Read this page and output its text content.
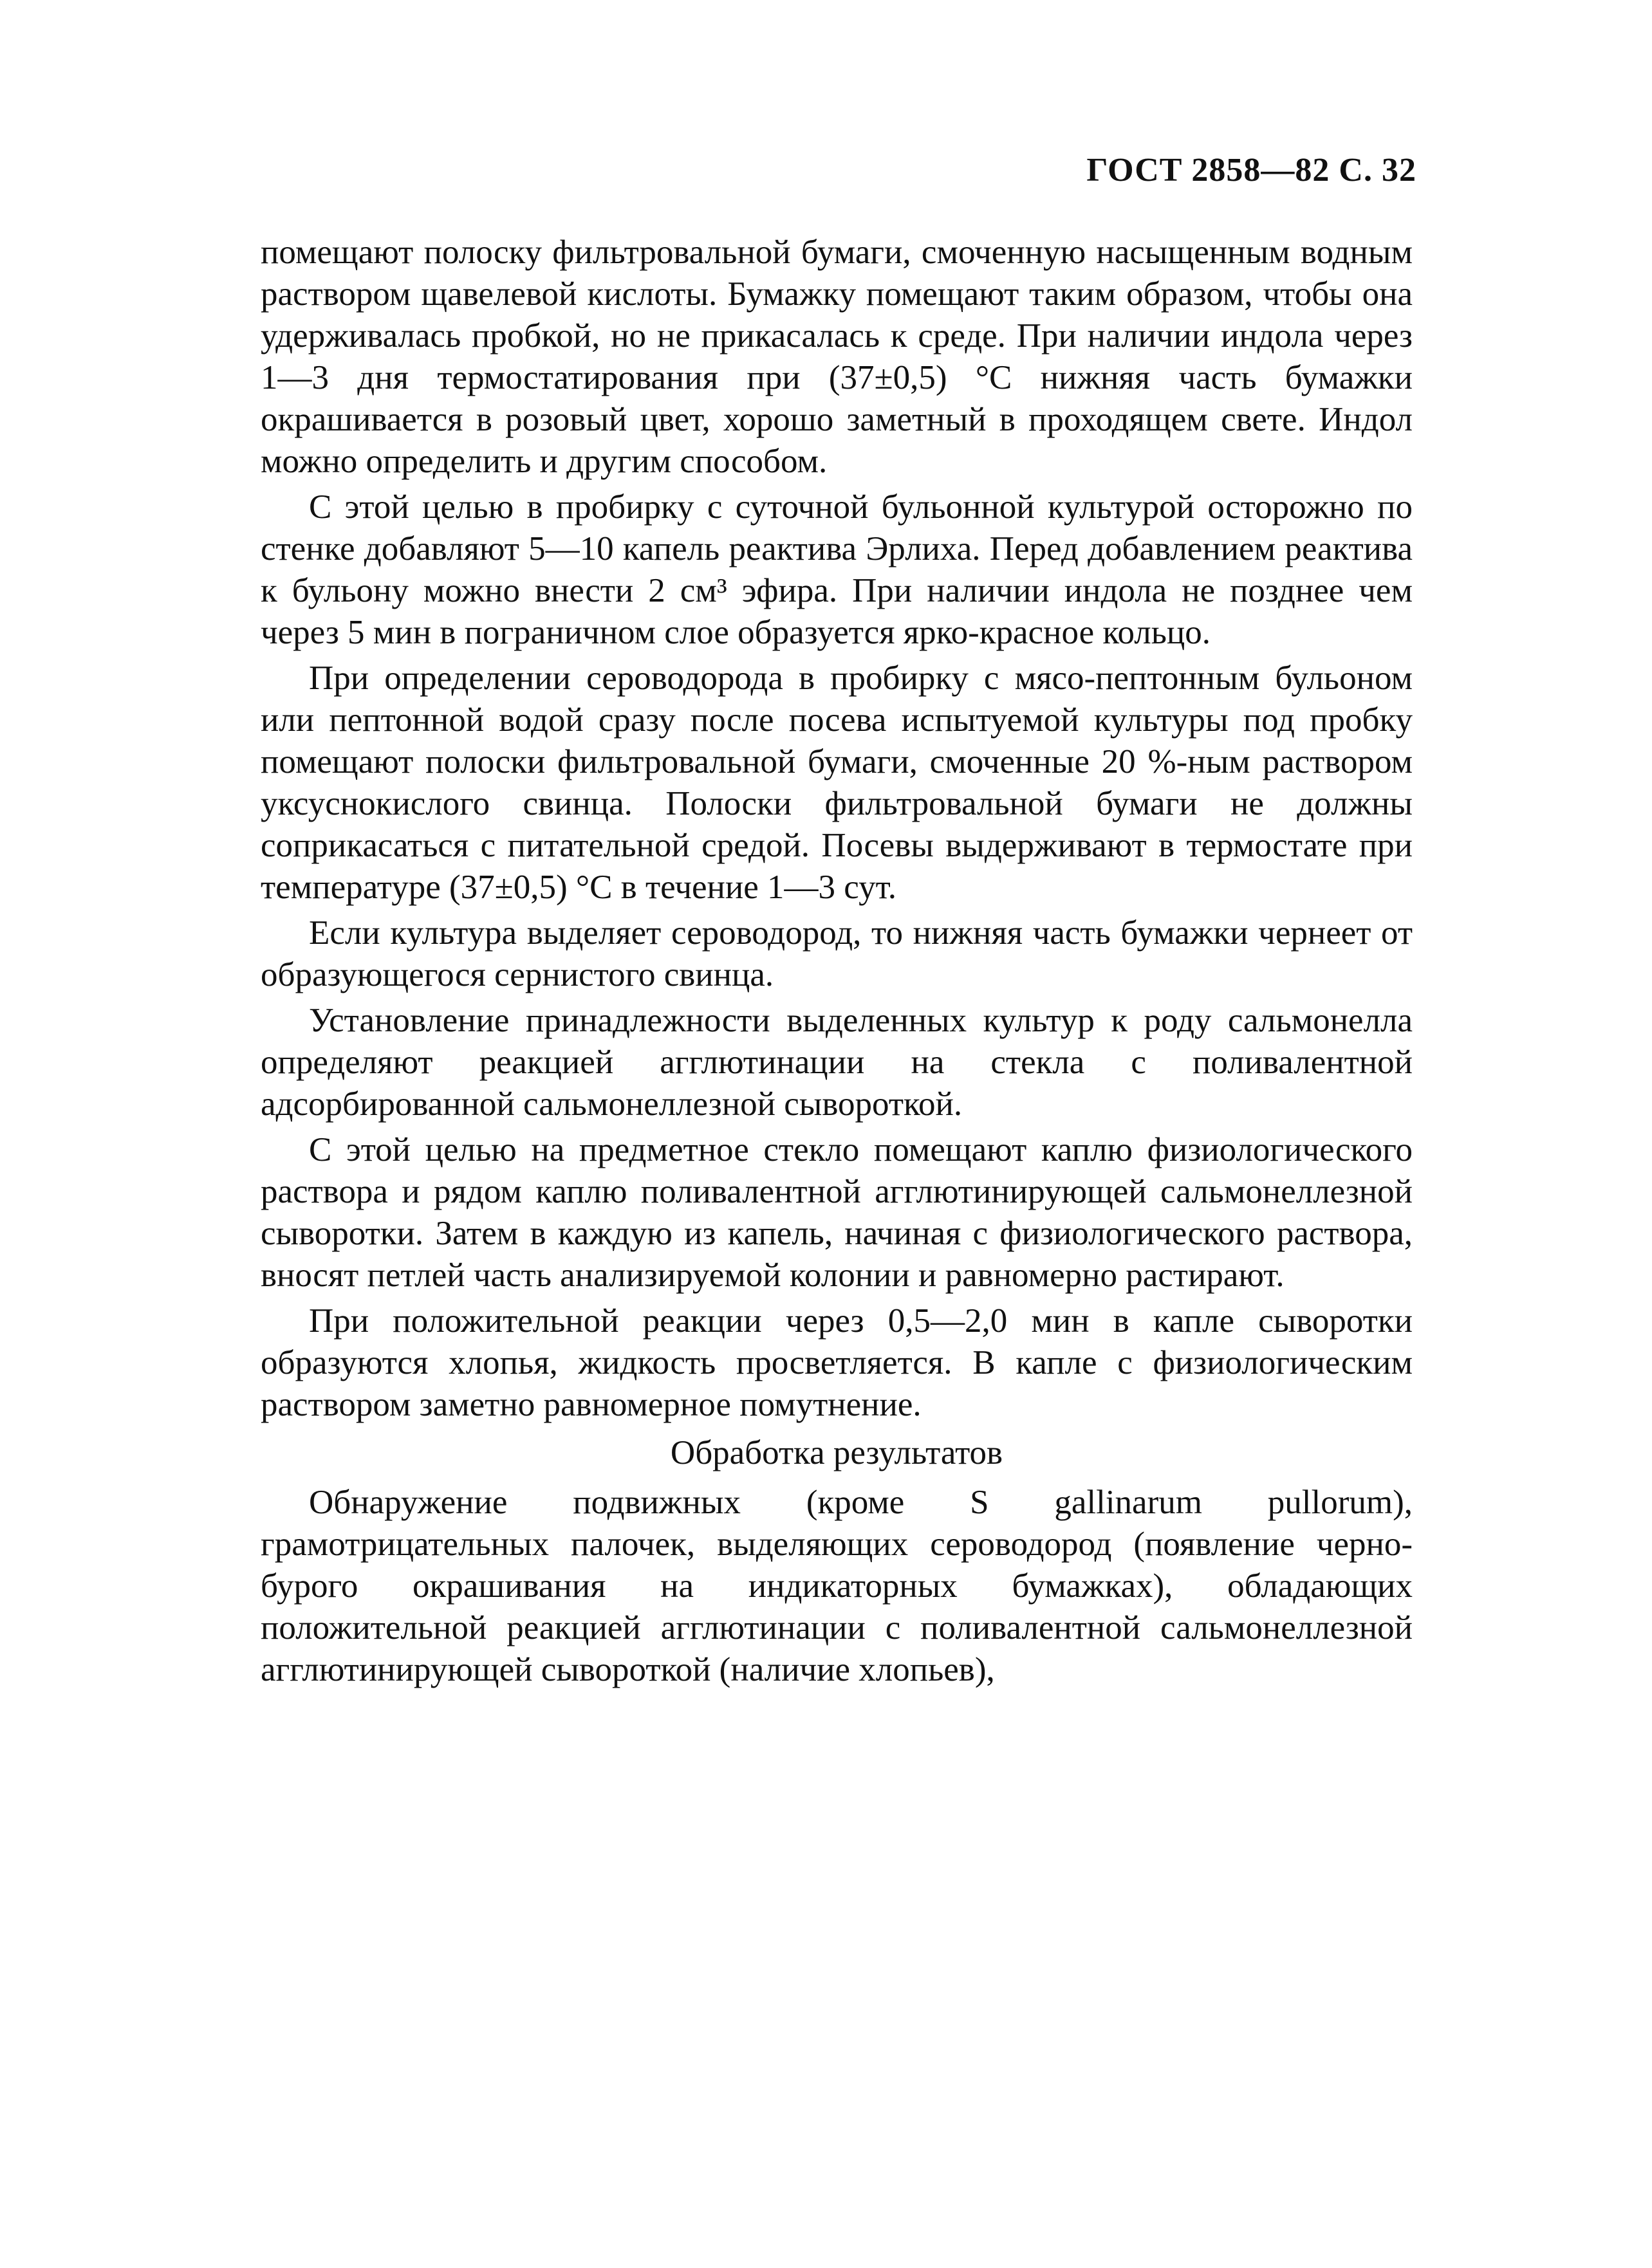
ГОСТ 2858—82 С. 32

помещают полоску фильтровальной бумаги, смоченную насыщенным водным раствором щавелевой кислоты. Бумажку помещают таким образом, чтобы она удерживалась пробкой, но не прикасалась к среде. При наличии индола через 1—3 дня термостатирования при (37±0,5) °С нижняя часть бумажки окрашивается в розовый цвет, хорошо заметный в проходящем свете. Индол можно определить и другим способом.

С этой целью в пробирку с суточной бульонной культурой осторожно по стенке добавляют 5—10 капель реактива Эрлиха. Перед добавлением реактива к бульону можно внести 2 см³ эфира. При наличии индола не позднее чем через 5 мин в пограничном слое образуется ярко-красное кольцо.

При определении сероводорода в пробирку с мясо-пептонным бульоном или пептонной водой сразу после посева испытуемой культуры под пробку помещают полоски фильтровальной бумаги, смоченные 20 %-ным раствором уксуснокислого свинца. Полоски фильтровальной бумаги не должны соприкасаться с питательной средой. Посевы выдерживают в термостате при температуре (37±0,5) °С в течение 1—3 сут.

Если культура выделяет сероводород, то нижняя часть бумажки чернеет от образующегося сернистого свинца.

Установление принадлежности выделенных культур к роду сальмонелла определяют реакцией агглютинации на стекла с поливалентной адсорбированной сальмонеллезной сывороткой.

С этой целью на предметное стекло помещают каплю физиологического раствора и рядом каплю поливалентной агглютинирующей сальмонеллезной сыворотки. Затем в каждую из капель, начиная с физиологического раствора, вносят петлей часть анализируемой колонии и равномерно растирают.

При положительной реакции через 0,5—2,0 мин в капле сыворотки образуются хлопья, жидкость просветляется. В капле с физиологическим раствором заметно равномерное помутнение.

Обработка результатов

Обнаружение подвижных (кроме S gallinarum pullorum), грамотрицательных палочек, выделяющих сероводород (появление черно-бурого окрашивания на индикаторных бумажках), обладающих положительной реакцией агглютинации с поливалентной сальмонеллезной агглютинирующей сывороткой (наличие хлопьев),
